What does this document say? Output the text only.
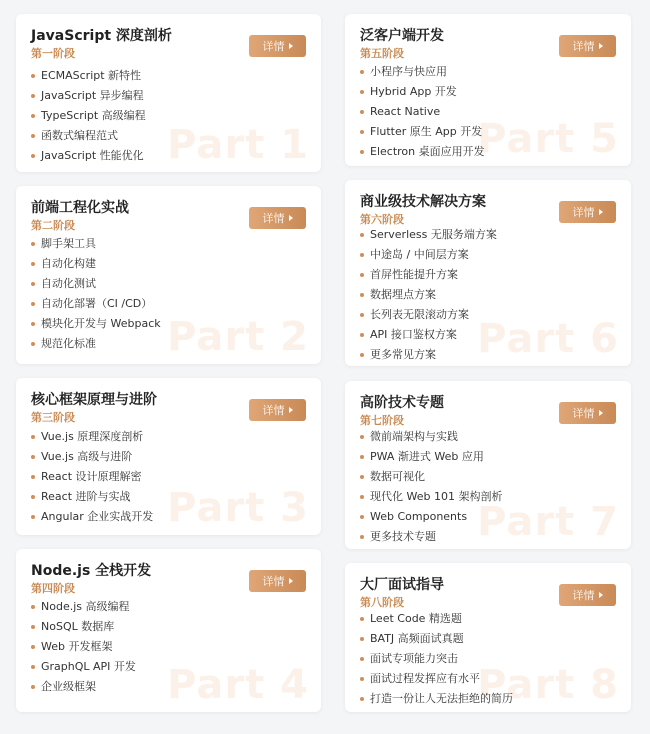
JavaScript 深度剖析
第一阶段
详情
Part 1
ECMAScript 新特性
JavaScript 异步编程
TypeScript 高级编程
函数式编程范式
JavaScript 性能优化
前端工程化实战
第二阶段
详情
Part 2
脚手架工具
自动化构建
自动化测试
自动化部署（CI /CD）
模块化开发与 Webpack
规范化标准
核心框架原理与进阶
第三阶段
详情
Part 3
Vue.js 原理深度剖析
Vue.js 高级与进阶
React 设计原理解密
React 进阶与实战
Angular 企业实战开发
Node.js 全栈开发
第四阶段
详情
Part 4
Node.js 高级编程
NoSQL 数据库
Web 开发框架
GraphQL API 开发
企业级框架
泛客户端开发
第五阶段
详情
Part 5
小程序与快应用
Hybrid App 开发
React Native
Flutter 原生 App 开发
Electron 桌面应用开发
商业级技术解决方案
第六阶段
详情
Part 6
Serverless 无服务端方案
中途岛 / 中间层方案
首屏性能提升方案
数据埋点方案
长列表无限滚动方案
API 接口鉴权方案
更多常见方案
高阶技术专题
第七阶段
详情
Part 7
微前端架构与实践
PWA 渐进式 Web 应用
数据可视化
现代化 Web 101 架构剖析
Web Components
更多技术专题
大厂面试指导
第八阶段
详情
Part 8
Leet Code 精选题
BATJ 高频面试真题
面试专项能力突击
面试过程发挥应有水平
打造一份让人无法拒绝的简历
